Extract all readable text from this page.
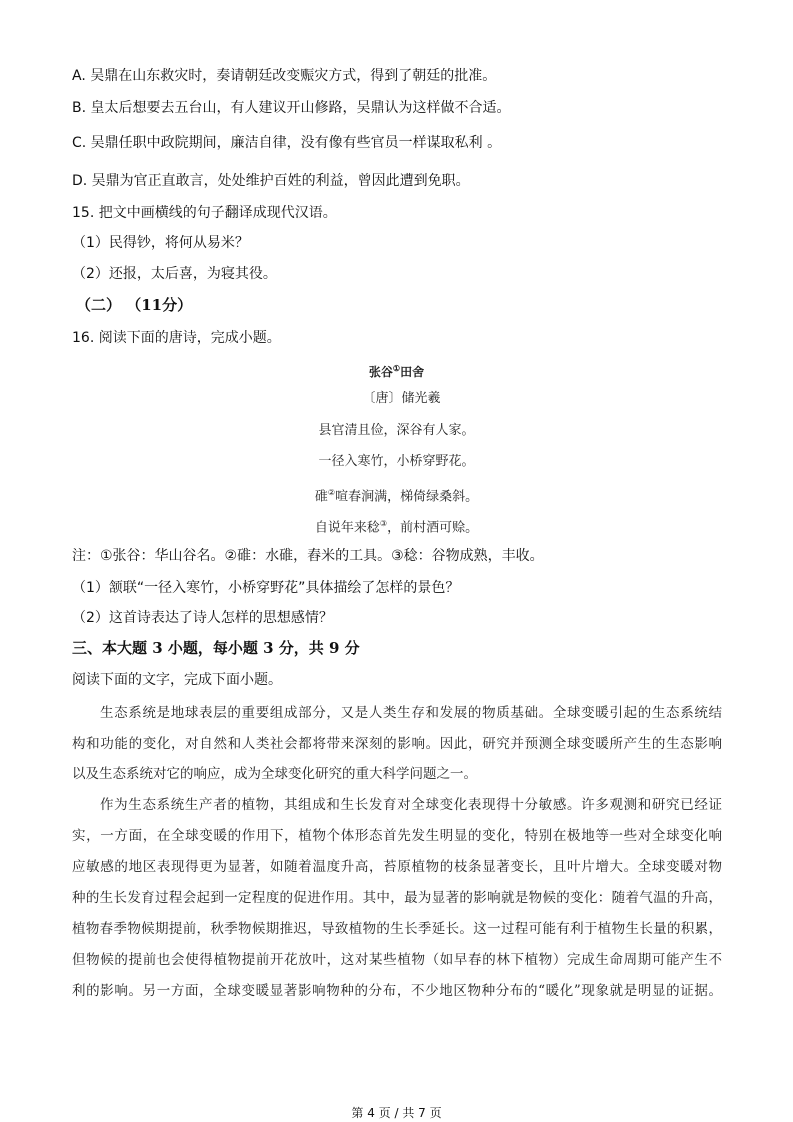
A. 吴鼎在山东救灾时，奏请朝廷改变赈灾方式，得到了朝廷的批准。
B. 皇太后想要去五台山，有人建议开山修路，吴鼎认为这样做不合适。
C. 吴鼎任职中政院期间，廉洁自律，没有像有些官员一样谋取私利 。
D. 吴鼎为官正直敢言，处处维护百姓的利益，曾因此遭到免职。
15. 把文中画横线的句子翻译成现代汉语。
（1）民得钞，将何从易米？
（2）还报，太后喜，为寝其役。
（二） （11分）
16. 阅读下面的唐诗，完成小题。
张谷①田舍
〔唐〕储光羲
县官清且俭，深谷有人家。
一径入寒竹，小桥穿野花。
碓②喧春涧满，梯倚绿桑斜。
自说年来稔③，前村酒可赊。
注：①张谷：华山谷名。②碓：水碓，舂米的工具。③稔：谷物成熟，丰收。
（1）颔联“一径入寒竹，小桥穿野花”具体描绘了怎样的景色？
（2）这首诗表达了诗人怎样的思想感情？
三、本大题 3 小题，每小题 3 分，共 9 分
阅读下面的文字，完成下面小题。
生态系统是地球表层的重要组成部分，又是人类生存和发展的物质基础。全球变暖引起的生态系统结
构和功能的变化，对自然和人类社会都将带来深刻的影响。因此，研究并预测全球变暖所产生的生态影响
以及生态系统对它的响应，成为全球变化研究的重大科学问题之一。
作为生态系统生产者的植物，其组成和生长发育对全球变化表现得十分敏感。许多观测和研究已经证
实，一方面，在全球变暖的作用下，植物个体形态首先发生明显的变化，特别在极地等一些对全球变化响
应敏感的地区表现得更为显著，如随着温度升高，苔原植物的枝条显著变长，且叶片增大。全球变暖对物
种的生长发育过程会起到一定程度的促进作用。其中，最为显著的影响就是物候的变化：随着气温的升高，
植物春季物候期提前，秋季物候期推迟，导致植物的生长季延长。这一过程可能有利于植物生长量的积累，
但物候的提前也会使得植物提前开花放叶，这对某些植物（如早春的林下植物）完成生命周期可能产生不
利的影响。另一方面，全球变暖显著影响物种的分布，不少地区物种分布的“暖化”现象就是明显的证据。
第 4 页 / 共 7 页
